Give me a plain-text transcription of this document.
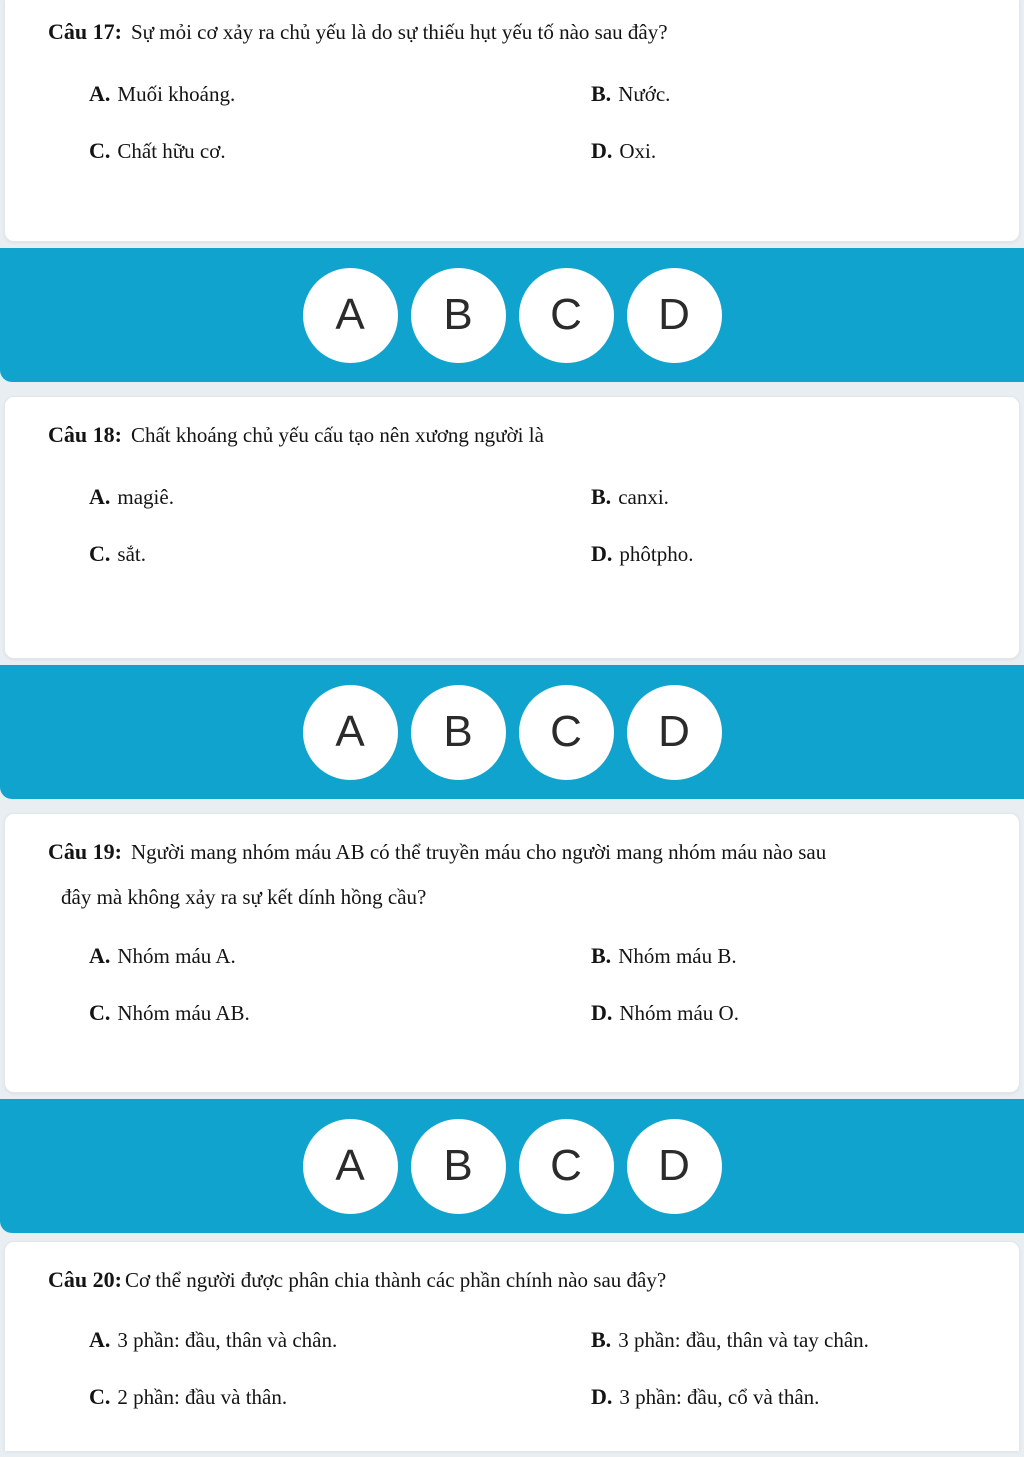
Câu 17: Sự mỏi cơ xảy ra chủ yếu là do sự thiếu hụt yếu tố nào sau đây?
A. Muối khoáng.	B. Nước.
C. Chất hữu cơ.	D. Oxi.
A	B	C	D
Câu 18: Chất khoáng chủ yếu cấu tạo nên xương người là
A. magiê.	B. canxi.
C. sắt.	D. phôtpho.
A	B	C	D
Câu 19: Người mang nhóm máu AB có thể truyền máu cho người mang nhóm máu nào sau
đây mà không xảy ra sự kết dính hồng cầu?
A. Nhóm máu A.	B. Nhóm máu B.
C. Nhóm máu AB.	D. Nhóm máu O.
A	B	C	D
Câu 20: Cơ thể người được phân chia thành các phần chính nào sau đây?
A. 3 phần: đầu, thân và chân.	B. 3 phần: đầu, thân và tay chân.
C. 2 phần: đầu và thân.	D. 3 phần: đầu, cổ và thân.
